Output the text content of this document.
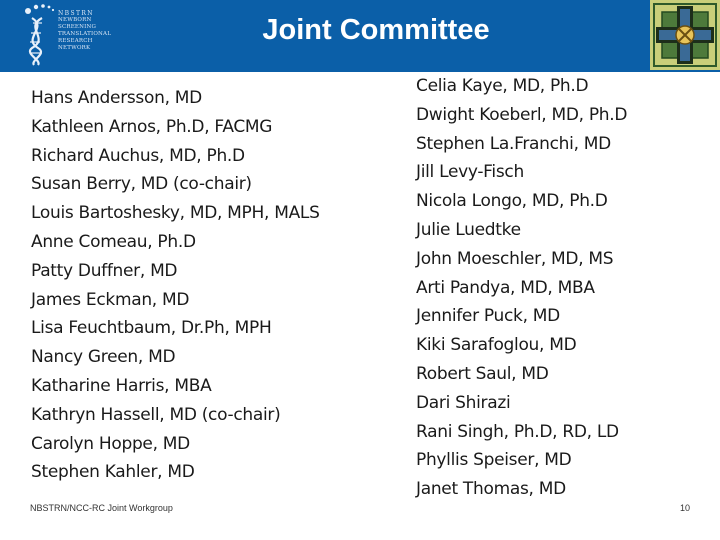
NBSTRN
NEWBORN
SCREENING
TRANSLATIONAL
RESEARCH
NETWORK
Joint Committee
Hans Andersson, MD
Kathleen Arnos, Ph.D, FACMG
Richard Auchus, MD, Ph.D
Susan Berry, MD (co-chair)
Louis Bartoshesky, MD, MPH, MALS
Anne Comeau, Ph.D
Patty Duffner, MD
James Eckman, MD
Lisa Feuchtbaum, Dr.Ph, MPH
Nancy Green, MD
Katharine Harris, MBA
Kathryn Hassell, MD (co-chair)
Carolyn Hoppe, MD
Stephen Kahler, MD
Celia Kaye, MD, Ph.D
Dwight Koeberl, MD, Ph.D
Stephen La.Franchi, MD
Jill Levy-Fisch
Nicola Longo, MD, Ph.D
Julie Luedtke
John Moeschler, MD, MS
Arti Pandya, MD, MBA
Jennifer Puck, MD
Kiki Sarafoglou, MD
Robert Saul, MD
Dari Shirazi
Rani Singh, Ph.D, RD, LD
Phyllis Speiser, MD
Janet Thomas, MD
NBSTRN/NCC-RC Joint Workgroup	10
